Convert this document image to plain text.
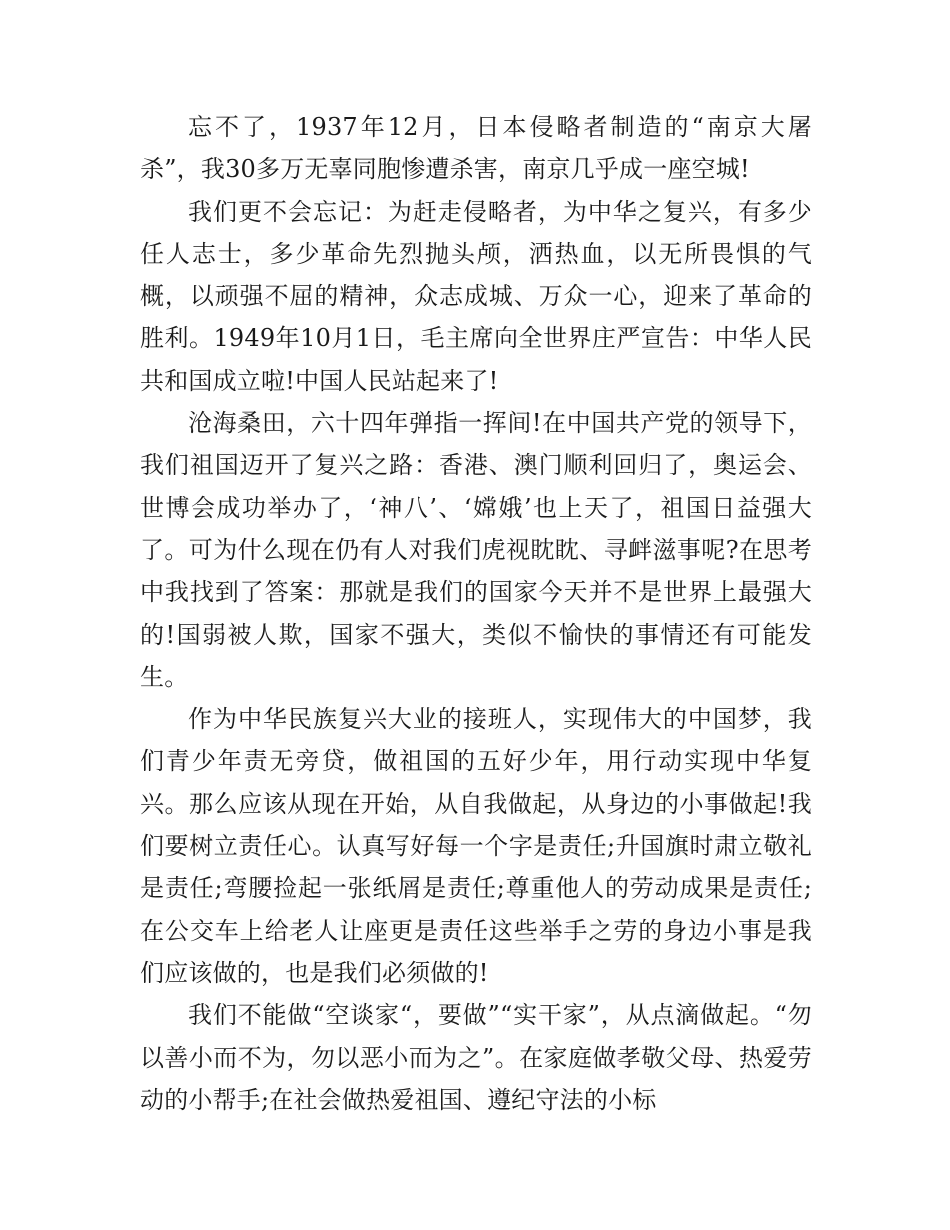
忘不了，1937年12月，日本侵略者制造的“南京大屠杀”，我30多万无辜同胞惨遭杀害，南京几乎成一座空城!

我们更不会忘记：为赶走侵略者，为中华之复兴，有多少任人志士，多少革命先烈抛头颅，洒热血，以无所畏惧的气概，以顽强不屈的精神，众志成城、万众一心，迎来了革命的胜利。1949年10月1日，毛主席向全世界庄严宣告：中华人民共和国成立啦!中国人民站起来了!

沧海桑田，六十四年弹指一挥间!在中国共产党的领导下，我们祖国迈开了复兴之路：香港、澳门顺利回归了，奥运会、世博会成功举办了，‘神八’、‘嫦娥’也上天了，祖国日益强大了。可为什么现在仍有人对我们虎视眈眈、寻衅滋事呢?在思考中我找到了答案：那就是我们的国家今天并不是世界上最强大的!国弱被人欺，国家不强大，类似不愉快的事情还有可能发生。

作为中华民族复兴大业的接班人，实现伟大的中国梦，我们青少年责无旁贷，做祖国的五好少年，用行动实现中华复兴。那么应该从现在开始，从自我做起，从身边的小事做起!我们要树立责任心。认真写好每一个字是责任;升国旗时肃立敬礼是责任;弯腰捡起一张纸屑是责任;尊重他人的劳动成果是责任;在公交车上给老人让座更是责任这些举手之劳的身边小事是我们应该做的，也是我们必须做的!

我们不能做“空谈家“，要做”“实干家”，从点滴做起。“勿以善小而不为，勿以恶小而为之”。在家庭做孝敬父母、热爱劳动的小帮手;在社会做热爱祖国、遵纪守法的小标
